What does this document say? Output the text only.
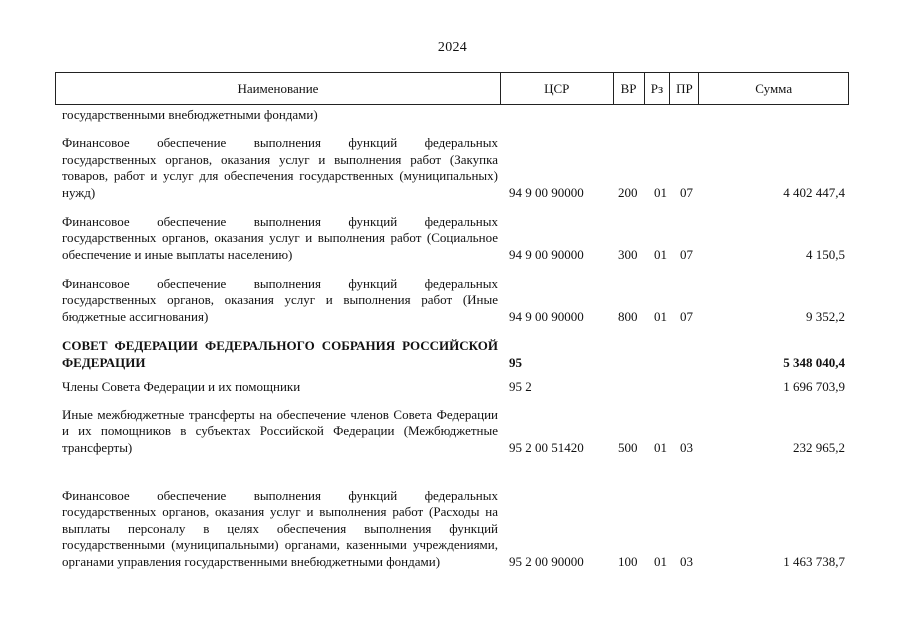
2024
Наименование	ЦСР	ВР	Рз ПР	Сумма
государственными внебюджетными фондами)
Финансовое обеспечение выполнения функций федеральных государственных органов, оказания услуг и выполнения работ (Закупка товаров, работ и услуг для обеспечения государственных (муниципальных) нужд)	94 9 00 90000	200 01 07	4 402 447,4
Финансовое обеспечение выполнения функций федеральных государственных органов, оказания услуг и выполнения работ (Социальное обеспечение и иные выплаты населению)	94 9 00 90000	300 01 07	4 150,5
Финансовое обеспечение выполнения функций федеральных государственных органов, оказания услуг и выполнения работ (Иные бюджетные ассигнования)	94 9 00 90000	800 01 07	9 352,2
СОВЕТ ФЕДЕРАЦИИ ФЕДЕРАЛЬНОГО СОБРАНИЯ РОССИЙСКОЙ ФЕДЕРАЦИИ	95	5 348 040,4
Члены Совета Федерации и их помощники	95 2	1 696 703,9
Иные межбюджетные трансферты на обеспечение членов Совета Федерации и их помощников в субъектах Российской Федерации (Межбюджетные трансферты)	95 2 00 51420	500 01 03	232 965,2
Финансовое обеспечение выполнения функций федеральных государственных органов, оказания услуг и выполнения работ (Расходы на выплаты персоналу в целях обеспечения выполнения функций государственными (муниципальными) органами, казенными учреждениями, органами управления государственными внебюджетными фондами)	95 2 00 90000	100 01 03	1 463 738,7
